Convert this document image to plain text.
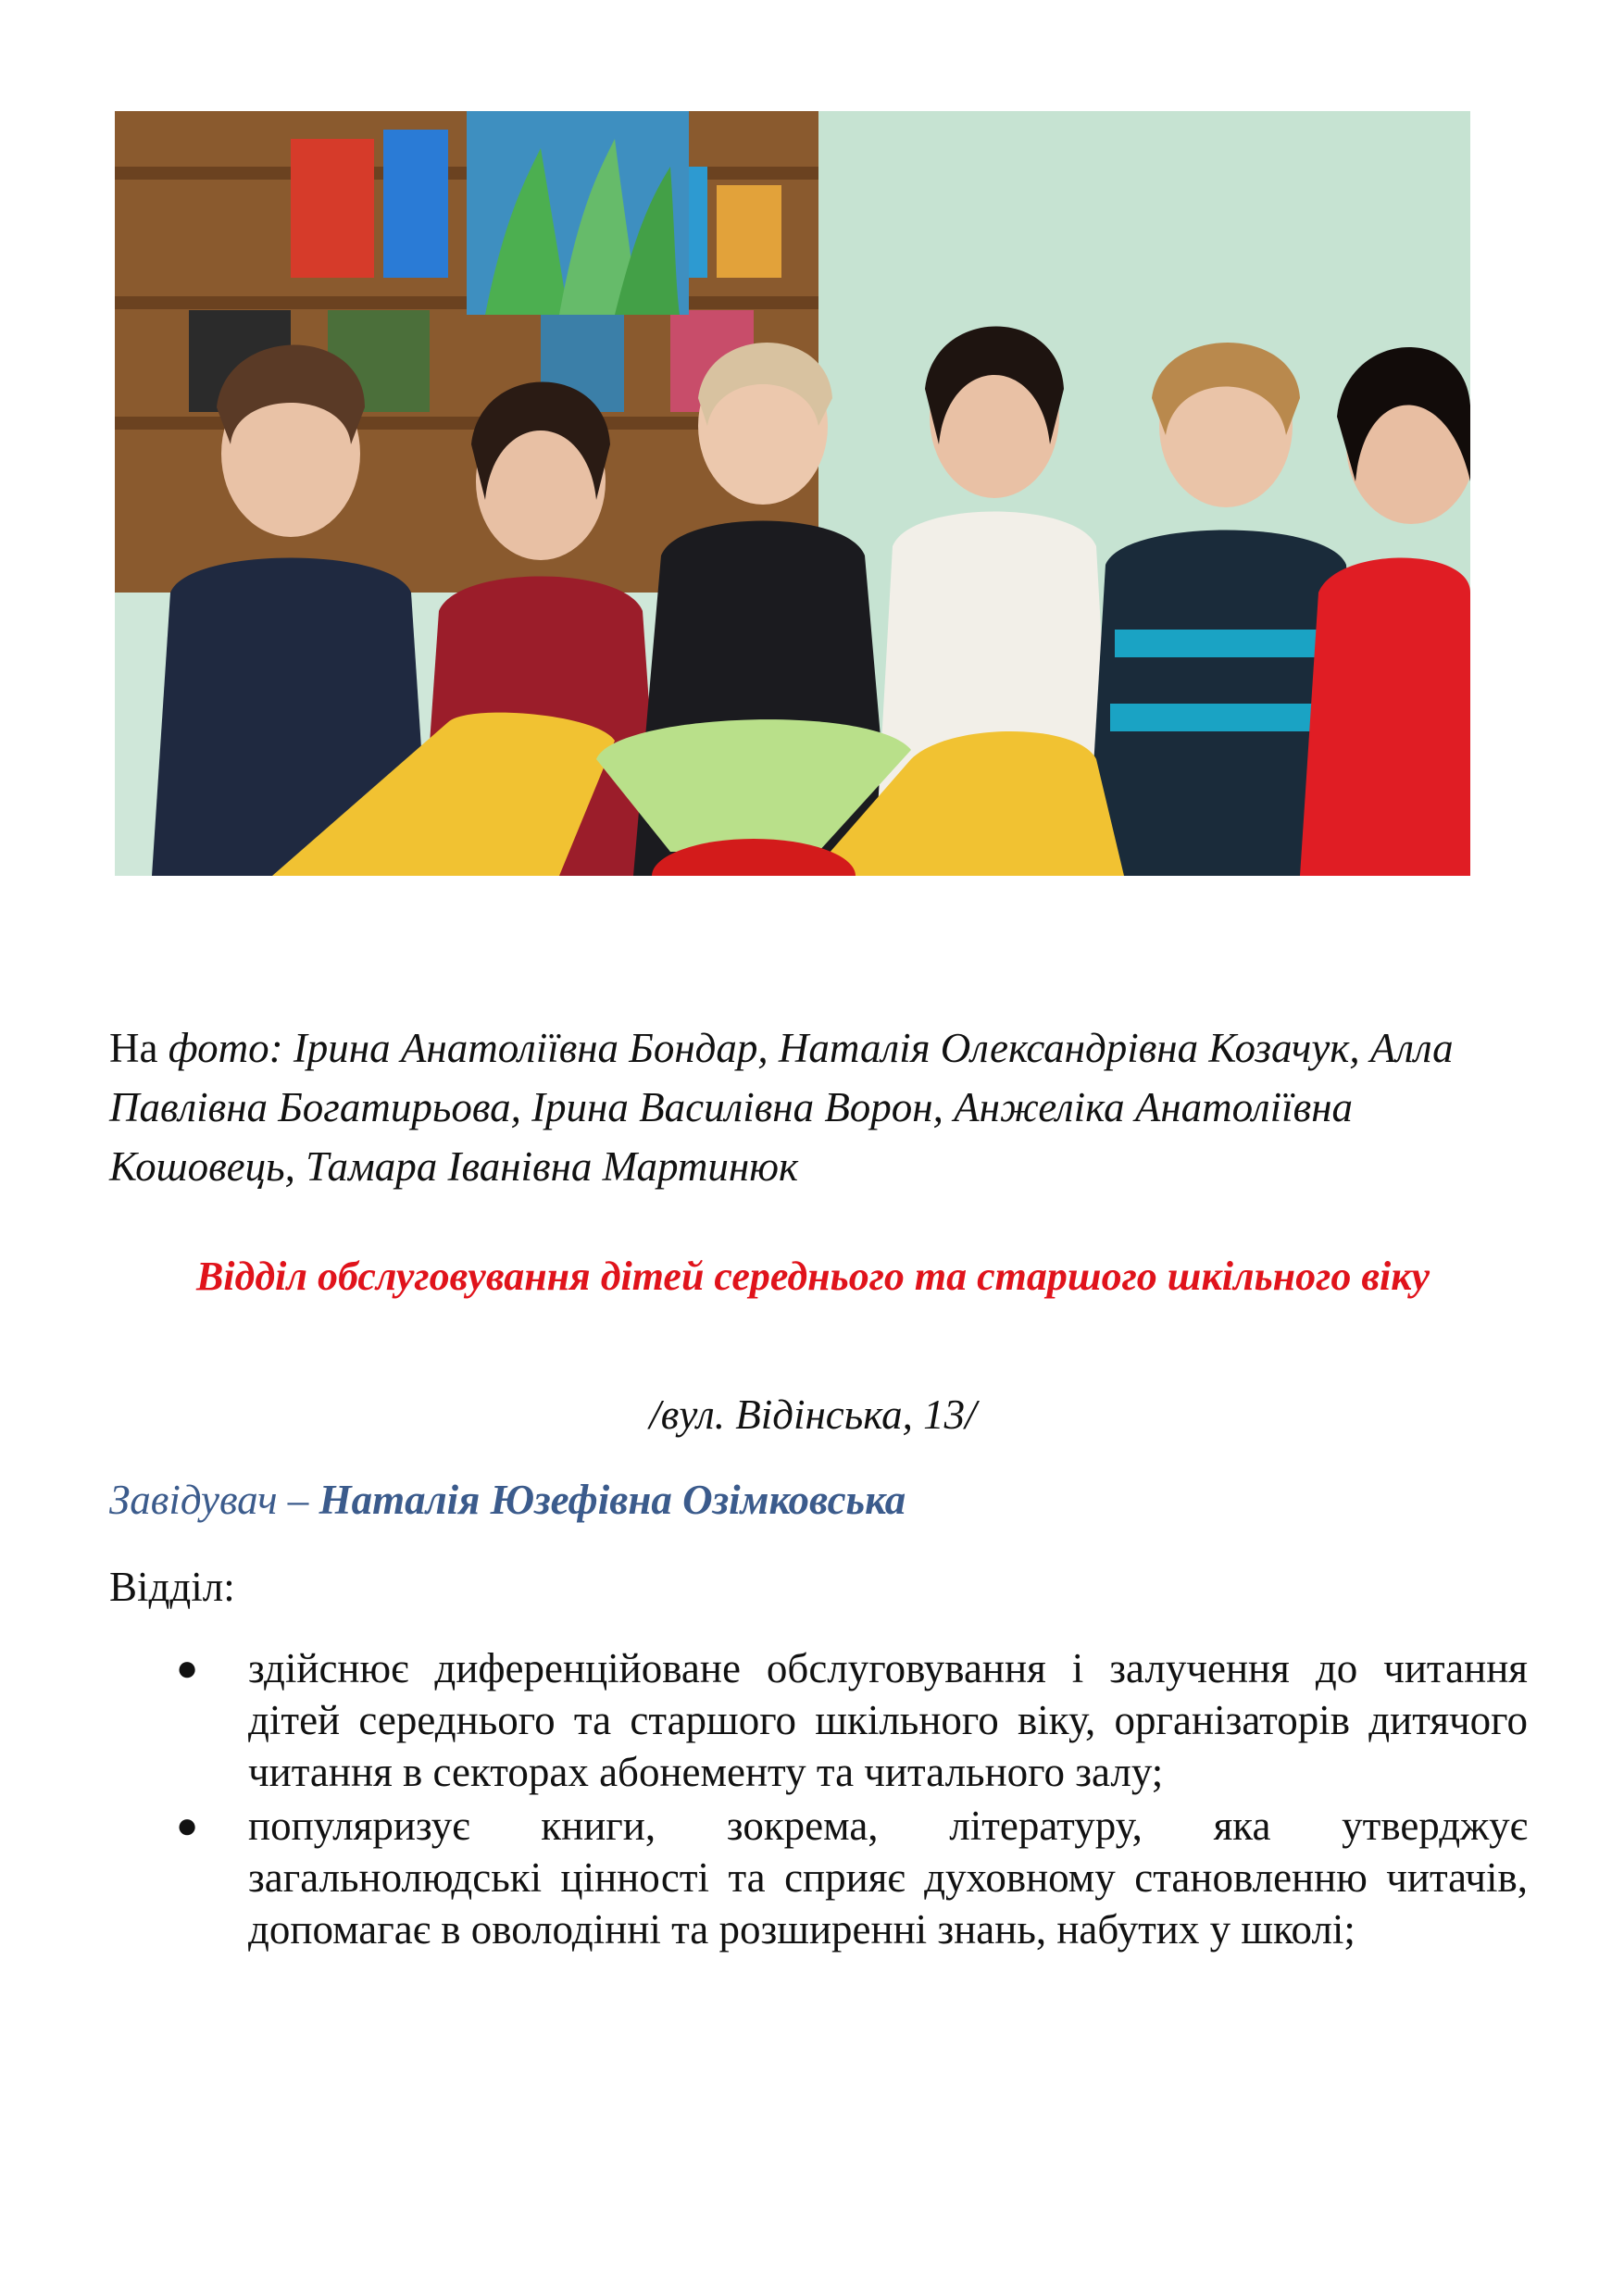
На фото: Ірина Анатоліївна Бондар, Наталія Олександрівна Козачук, Алла Павлівна Богатирьова, Ірина Василівна Ворон, Анжеліка Анатоліївна Кошовець, Тамара Іванівна Мартинюк
Відділ обслуговування дітей середнього та старшого шкільного віку
/вул. Відінська, 13/
Завідувач – Наталія Юзефівна Озімковська
Відділ:
● здійснює диференційоване обслуговування і залучення до читання дітей середнього та старшого шкільного віку, організаторів дитячого читання в секторах абонементу та читального залу;
● популяризує книги, зокрема, літературу, яка утверджує загальнолюдські цінності та сприяє духовному становленню читачів, допомагає в оволодінні та розширенні знань, набутих у школі;
